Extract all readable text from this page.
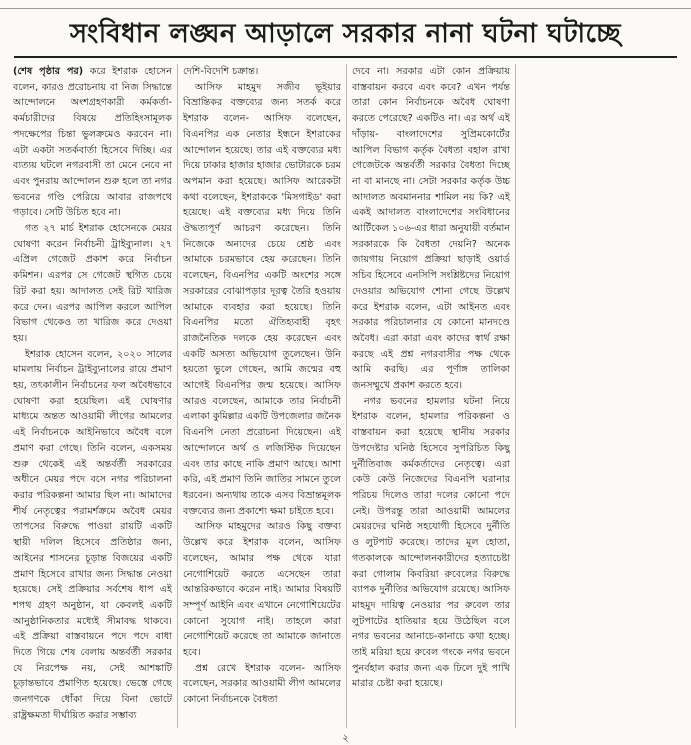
সংবিধান লঙ্ঘন আড়ালে সরকার নানা ঘটনা ঘটাচ্ছে

(শেষ পৃষ্ঠার পর) করে ইশরাক হোসেন বলেন, কারও প্ররোচনায় বা নিজ সিদ্ধান্তে আন্দোলনে অংশগ্রহণকারী কর্মকর্তা-কর্মচারীদের বিষয়ে প্রতিহিংসামূলক পদক্ষেপের চিন্তা ভুলক্রমেও করবেন না। এটা একটা সতর্কবার্তা হিসেবে দিচ্ছি। এর ব্যত্যয় ঘটলে নগরবাসী তা মেনে নেবে না এবং পুনরায় আন্দোলন শুরু হলে তা নগর ভবনের গণ্ডি পেরিয়ে আবার রাজপথে গড়াবে। সেটি উচিত হবে না।

গত ২৭ মার্চ ইশরাক হোসেনকে মেয়র ঘোষণা করেন নির্বাচনী ট্রাইব্যুনাল। ২৭ এপ্রিল গেজেট প্রকাশ করে নির্বাচন কমিশন। এরপর সে গেজেট স্থগিত চেয়ে রিট করা হয়। আদালত সেই রিট খারিজ করে দেন। এরপর আপিল করলে আপিল বিভাগ থেকেও তা খারিজ করে দেওয়া হয়।

ইশরাক হোসেন বলেন, ২০২০ সালের মামলায় নির্বাচন ট্রাইব্যুনালের রায়ে প্রমাণ হয়, তৎকালীন নির্বাচনের ফল অবৈধভাবে ঘোষণা করা হয়েছিল। এই ঘোষণার মাধ্যমে অন্তত আওয়ামী লীগের আমলের এই নির্বাচনকে আইনিভাবে অবৈধ বলে প্রমাণ করা গেছে। তিনি বলেন, একসময় শুরু থেকেই এই অন্তর্বর্তী সরকারের অধীনে মেয়র পদে বসে নগর পরিচালনা করার পরিকল্পনা আমার ছিল না। আমাদের শীর্ষ নেতৃত্বের পরামর্শক্রমে অবৈধ মেয়র তাপসের বিরুদ্ধে পাওয়া রায়টি একটি স্থায়ী দলিল হিসেবে প্রতিষ্ঠার জন্য, আইনের শাসনের চূড়ান্ত বিজয়ের একটি প্রমাণ হিসেবে রাখার জন্য সিদ্ধান্ত নেওয়া হয়েছে। সেই প্রক্রিয়ার সর্বশেষ ধাপ এই শপথ গ্রহণ অনুষ্ঠান, যা কেবলই একটি আনুষ্ঠানিকতার মধ্যেই সীমাবদ্ধ থাকবে। এই প্রক্রিয়া বাস্তবায়নে পদে পদে বাধা দিতে গিয়ে শেষ বেলায় অন্তর্বর্তী সরকার যে নিরপেক্ষ নয়, সেই আশঙ্কাটি চূড়ান্তভাবে প্রমাণিত হয়েছে। ভেস্তে গেছে জনগণকে ধোঁকা দিয়ে বিনা ভোটে রাষ্ট্রক্ষমতা দীর্ঘায়িত করার সম্ভাব্য

দেশি-বিদেশি চক্রান্ত।

আসিফ মাহমুদ সজীব ভূইয়ার বিভ্রান্তিকর বক্তব্যের জন্য সতর্ক করে ইশরাক বলেন- আসিফ বলেছেন, বিএনপির এক নেতার ইন্ধনে ইশরাকের আন্দোলন হয়েছে। তার এই বক্তব্যের মধ্য দিয়ে ঢাকার হাজার হাজার ভোটারকে চরম অপমান করা হয়েছে। আসিফ আরেকটা কথা বলেছেন, ইশরাককে 'মিসগাইড' করা হয়েছে। এই বক্তব্যের মধ্য দিয়ে তিনি ঔদ্ধত্যপূর্ণ আচরণ করেছেন। তিনি নিজেকে অন্যদের চেয়ে শ্রেষ্ঠ এবং আমাকে চরমভাবে হেয় করেছেন। তিনি বলেছেন, বিএনপির একটি অংশের সঙ্গে সরকারের বোঝাপড়ার দূরত্ব তৈরি হওয়ায় আমাকে ব্যবহার করা হয়েছে। তিনি বিএনপির মতো ঐতিহ্যবাহী বৃহৎ রাজনৈতিক দলকে হেয় করেছেন এবং একটি অসত্য অভিযোগ তুলেছেন। উনি হয়তো ভুলে গেছেন, আমি জন্মের বহু আগেই বিএনপির জন্ম হয়েছে। আসিফ আরও বলেছেন, আমাকে তার নির্বাচনী এলাকা কুমিল্লার একটি উপজেলার জনৈক বিএনপি নেতা প্ররোচনা দিয়েছেন। এই আন্দোলনে অর্থ ও লজিস্টিক দিয়েছেন এবং তার কাছে নাকি প্রমাণ আছে। আশা করি, এই প্রমাণ তিনি জাতির সামনে তুলে ধরবেন। অন্যথায় তাকে এসব বিভ্রান্তমূলক বক্তব্যের জন্য প্রকাশ্যে ক্ষমা চাইতে হবে।

আসিফ মাহমুদের আরও কিছু বক্তব্য উল্লেখ করে ইশরাক বলেন, আসিফ বলেছেন, আমার পক্ষ থেকে যারা নেগোশিয়েট করতে এসেছেন তারা আন্তরিকভাবে করেন নাই। আমার বিষয়টি সম্পূর্ণ আইনি এবং এখানে নেগোশিয়েটের কোনো সুযোগ নাই। তাহলে কারা নেগোশিয়েট করেছে তা আমাকে জানাতে হবে।

প্রশ্ন রেখে ইশরাক বলেন- আসিফ বলেছেন, সরকার আওয়ামী লীগ আমলের কোনো নির্বাচনকে বৈধতা

দেবে না। সরকার এটা কোন প্রক্রিয়ায় বাস্তবায়ন করবে এবং কবে? এখন পর্যন্ত তারা কোন নির্বাচনকে অবৈধ ঘোষণা করতে পেরেছে? একটিও না। এর অর্থ এই দাঁড়ায়- বাংলাদেশের সুপ্রিমকোর্টের আপিল বিভাগ কর্তৃক বৈধতা বহাল রাখা গেজেটকে অন্তর্বর্তী সরকার বৈধতা দিচ্ছে না বা মানছে না। সেটা সরকার কর্তৃক উচ্চ আদালত অবমাননার শামিল নয় কি? এই একই আদালত বাংলাদেশের সংবিধানের আর্টিকেল ১০৬-এর ধারা অনুযায়ী বর্তমান সরকারকে কি বৈধতা দেয়নি? অনেক জায়গায় নিয়োগ প্রক্রিয়া ছাড়াই ওয়ার্ড সচিব হিসেবে এনসিপি সংশ্লিষ্টদের নিয়োগ দেওয়ার অভিযোগ শোনা গেছে উল্লেখ করে ইশরাক বলেন, এটা আইনত এবং সরকার পরিচালনার যে কোনো মানদণ্ডে অবৈধ। এরা কারা এবং কাদের স্বার্থ রক্ষা করছে এই প্রশ্ন নগরবাসীর পক্ষ থেকে আমি করছি। এর পূর্ণাঙ্গ তালিকা জনসম্মুখে প্রকাশ করতে হবে।

নগর ভবনের হামলার ঘটনা নিয়ে ইশরাক বলেন, হামলার পরিকল্পনা ও বাস্তবায়ন করা হয়েছে স্থানীয় সরকার উপদেষ্টার ঘনিষ্ঠ হিসেবে সুপরিচিত কিছু দুর্নীতিবাজ কর্মকর্তাদের নেতৃত্বে। এরা কেউ কেউ নিজেদের বিএনপি ঘরানার পরিচয় দিলেও তারা দলের কোনো পদে নেই। উপরন্তু তারা আওয়ামী আমলের মেয়রদের ঘনিষ্ঠ সহযোগী হিসেবে দুর্নীতি ও লুটপাট করেছে। তাদের মূল হোতা, গতকালকে আন্দোলনকারীদের হত্যাচেষ্টা করা গোলাম কিবরিয়া রুবেলের বিরুদ্ধে ব্যাপক দুর্নীতির অভিযোগ রয়েছে। আসিফ মাহমুদ দায়িত্ব নেওয়ার পর রুবেল তার লুটপাটের হাতিয়ার হয়ে উঠেছিল বলে নগর ভবনের আনাচে-কানাচে কথা হচ্ছে। তাই মরিয়া হয়ে রুবেল গংকে নগর ভবনে পুনর্বহাল করার জন্য এক ঢিলে দুই পাখি মারার চেষ্টা করা হয়েছে।

২
